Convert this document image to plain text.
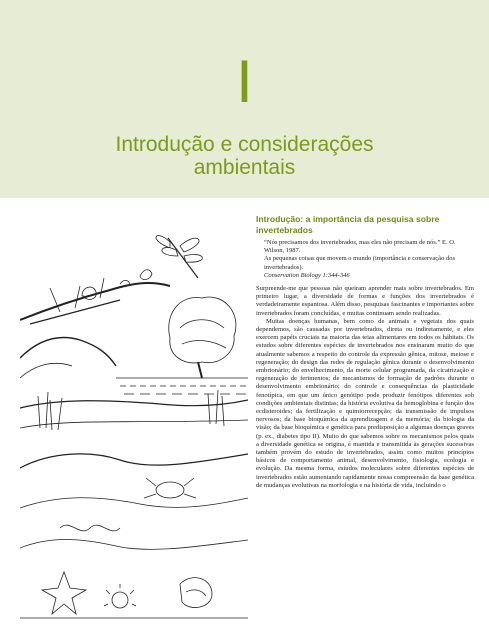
I
Introdução e considerações
ambientais
Introdução: a importância da pesquisa sobre invertebrados
“Nós precisamos dos invertebrados, mas eles não precisam de nós.” E. O. Wilson, 1987.
As pequenas coisas que movem o mundo (importância e conservação dos invertebrados).
Conservation Biology 1:344-346

Surpreende-me que pessoas não queiram aprender mais sobre invertebrados. Em primeiro lugar, a diversidade de formas e funções dos invertebrados é verdadeiramente espantosa. Além disso, pesquisas fascinantes e importantes sobre invertebrados foram concluídas, e muitas continuam sendo realizadas.

Muitas doenças humanas, bem como de animais e vegetais dos quais dependemos, são causadas por invertebrados, direta ou indiretamente, e eles exercem papéis cruciais na maioria das teias alimentares em todos os hábitats. Os estudos sobre diferentes espécies de invertebrados nos ensinaram muito do que atualmente sabemos a respeito do controle da expressão gênica, mitose, meiose e regeneração; do design das redes de regulação gênica durante o desenvolvimento embrionário; do envelhecimento, da morte celular programada, da cicatrização e regeneração de ferimentos; de mecanismos de formação de padrões durante o desenvolvimento embrionário; do controle e consequências da plasticidade fenotípica, em que um único genótipo pode produzir fenótipos diferentes sob condições ambientais distintas; da história evolutiva da hemoglobina e função dos ecdisteroides; da fertilização e quimiorrecepção; da transmissão de impulsos nervosos; da base bioquímica da aprendizagem e da memória; da biologia da visão; da base bioquímica e genética para predisposição a algumas doenças graves (p. ex., diabetes tipo II). Muito do que sabemos sobre os mecanismos pelos quais a diversidade genética se origina, é mantida e transmitida às gerações sucessivas também provém do estudo de invertebrados, assim como muitos princípios básicos de comportamento animal, desenvolvimento, fisiologia, ecologia e evolução. Da mesma forma, estudos moleculares sobre diferentes espécies de invertebrados estão aumentando rapidamente nossa compreensão da base genética de mudanças evolutivas na morfologia e na história de vida, incluindo o
